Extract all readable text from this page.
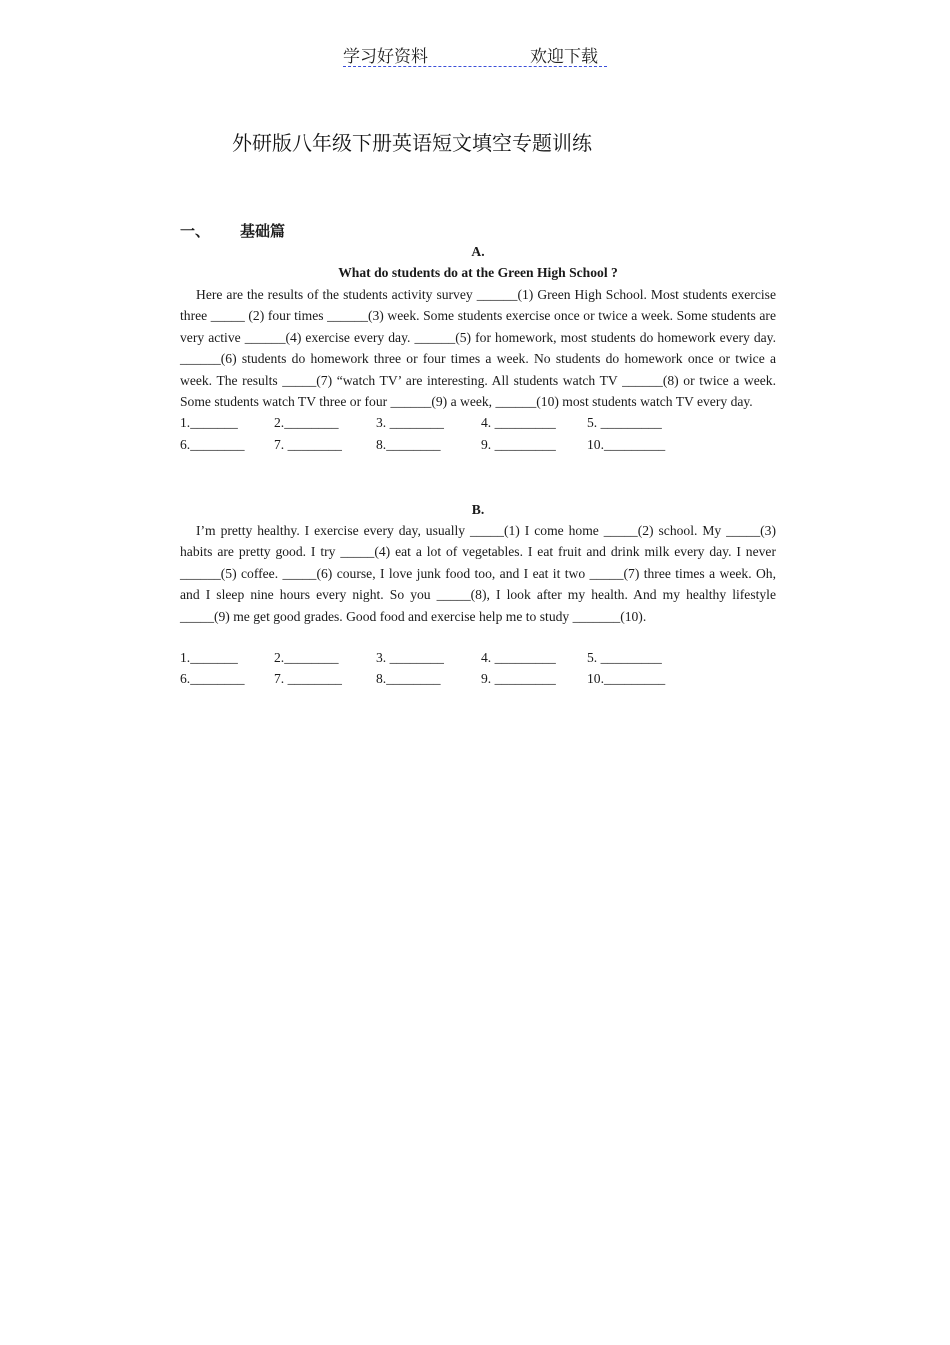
学习好资料	欢迎下载
外研版八年级下册英语短文填空专题训练
一、 基础篇
A.
What do students do at the Green High School ?

Here are the results of the students activity survey ______(1) Green High School. Most students exercise three _____ (2) four times ______(3) week. Some students exercise once or twice a week. Some students are very active ______(4) exercise every day. ______(5) for homework, most students do homework every day. ______(6) students do homework three or four times a week. No students do homework once or twice a week. The results _____(7) “watch TV’ are interesting. All students watch TV ______(8) or twice a week. Some students watch TV three or four ______(9) a week, ______(10) most students watch TV every day.

1._______	2.________	3. ________	4. _________	5. _________
6.________	7. ________	8.________	9. _________	10._________
B.

I’m pretty healthy. I exercise every day, usually _____(1) I come home _____(2) school. My _____(3) habits are pretty good. I try _____(4) eat a lot of vegetables. I eat fruit and drink milk every day. I never ______(5) coffee. _____(6) course, I love junk food too, and I eat it two _____(7) three times a week. Oh, and I sleep nine hours every night. So you _____(8), I look after my health. And my healthy lifestyle _____(9) me get good grades. Good food and exercise help me to study _______(10).

1._______	2.________	3. ________	4. _________	5. _________
6.________	7. ________	8.________	9. _________	10._________
